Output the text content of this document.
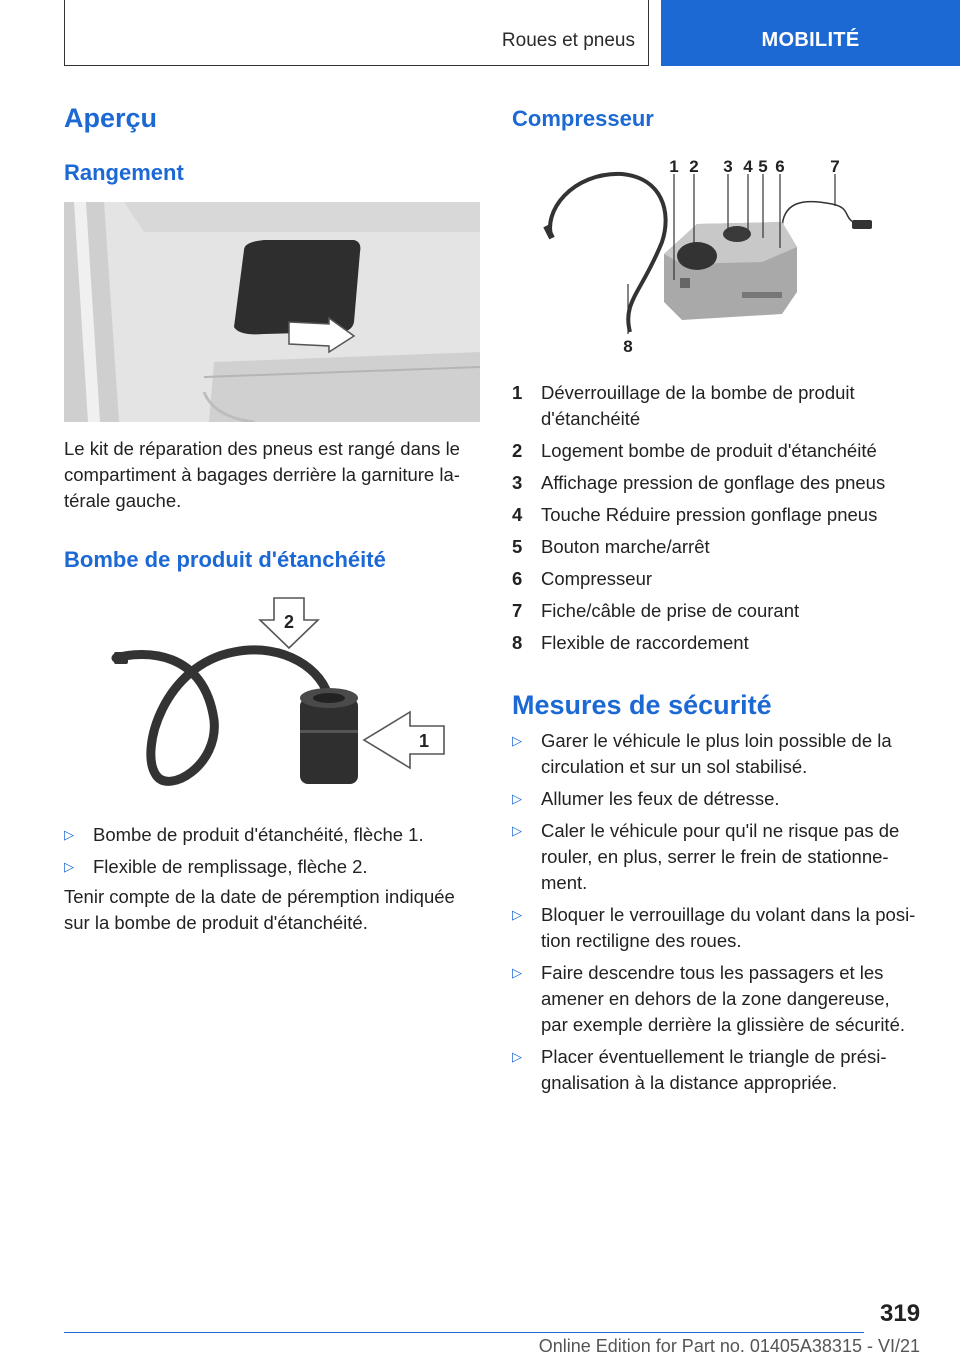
Roues et pneus	MOBILITÉ
Aperçu
Rangement
Le kit de réparation des pneus est rangé dans le
compartiment à bagages derrière la garniture la‐
térale gauche.
Bombe de produit d'étanchéité
2
1
▷ Bombe de produit d'étanchéité, flèche 1.
▷ Flexible de remplissage, flèche 2.
Tenir compte de la date de péremption indiquée
sur la bombe de produit d'étanchéité.
Compresseur
1 2 3 4 5 6	7
8
1 Déverrouillage de la bombe de produit
d'étanchéité
2 Logement bombe de produit d'étanchéité
3 Affichage pression de gonflage des pneus
4 Touche Réduire pression gonflage pneus
5 Bouton marche/arrêt
6 Compresseur
7 Fiche/câble de prise de courant
8 Flexible de raccordement
Mesures de sécurité
▷ Garer le véhicule le plus loin possible de la
circulation et sur un sol stabilisé.
▷ Allumer les feux de détresse.
▷ Caler le véhicule pour qu'il ne risque pas de
rouler, en plus, serrer le frein de stationne‐
ment.
▷ Bloquer le verrouillage du volant dans la posi‐
tion rectiligne des roues.
▷ Faire descendre tous les passagers et les
amener en dehors de la zone dangereuse,
par exemple derrière la glissière de sécurité.
▷ Placer éventuellement le triangle de prési‐
gnalisation à la distance appropriée.
319
Online Edition for Part no. 01405A38315 - VI/21
